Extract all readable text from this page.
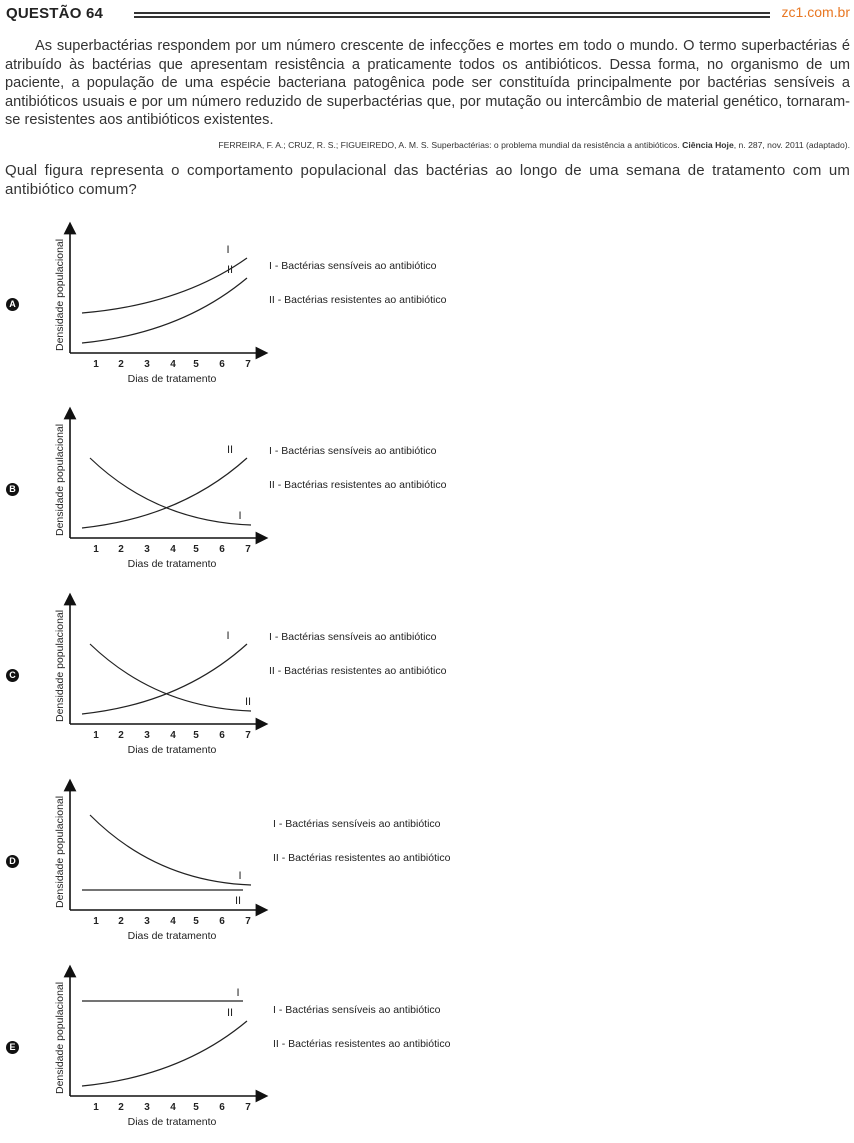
QUESTÃO 64	zc1.com.br
As superbactérias respondem por um número crescente de infecções e mortes em todo o mundo. O termo superbactérias é atribuído às bactérias que apresentam resistência a praticamente todos os antibióticos. Dessa forma, no organismo de um paciente, a população de uma espécie bacteriana patogênica pode ser constituída principalmente por bactérias sensíveis a antibióticos usuais e por um número reduzido de superbactérias que, por mutação ou intercâmbio de material genético, tornaram-se resistentes aos antibióticos existentes.
FERREIRA, F. A.; CRUZ, R. S.; FIGUEIREDO, A. M. S. Superbactérias: o problema mundial da resistência a antibióticos. Ciência Hoje, n. 287, nov. 2011 (adaptado).
Qual figura representa o comportamento populacional das bactérias ao longo de uma semana de tratamento com um antibiótico comum?
A	Densidade populacional
1 2 3 4 5 6 7
Dias de tratamento
I
II	I - Bactérias sensíveis ao antibiótico
II - Bactérias resistentes ao antibiótico
B	Densidade populacional
1 2 3 4 5 6 7
Dias de tratamento
I
II	I - Bactérias sensíveis ao antibiótico
II - Bactérias resistentes ao antibiótico
C	Densidade populacional
1 2 3 4 5 6 7
Dias de tratamento
I
II
I - Bactérias sensíveis ao antibiótico
II - Bactérias resistentes ao antibiótico
D	Densidade populacional
1 2 3 4 5 6 7
Dias de tratamento
I
II
I - Bactérias sensíveis ao antibiótico
II - Bactérias resistentes ao antibiótico
E	Densidade populacional
1 2 3 4 5 6 7
Dias de tratamento
I
II	I - Bactérias sensíveis ao antibiótico
II - Bactérias resistentes ao antibiótico
